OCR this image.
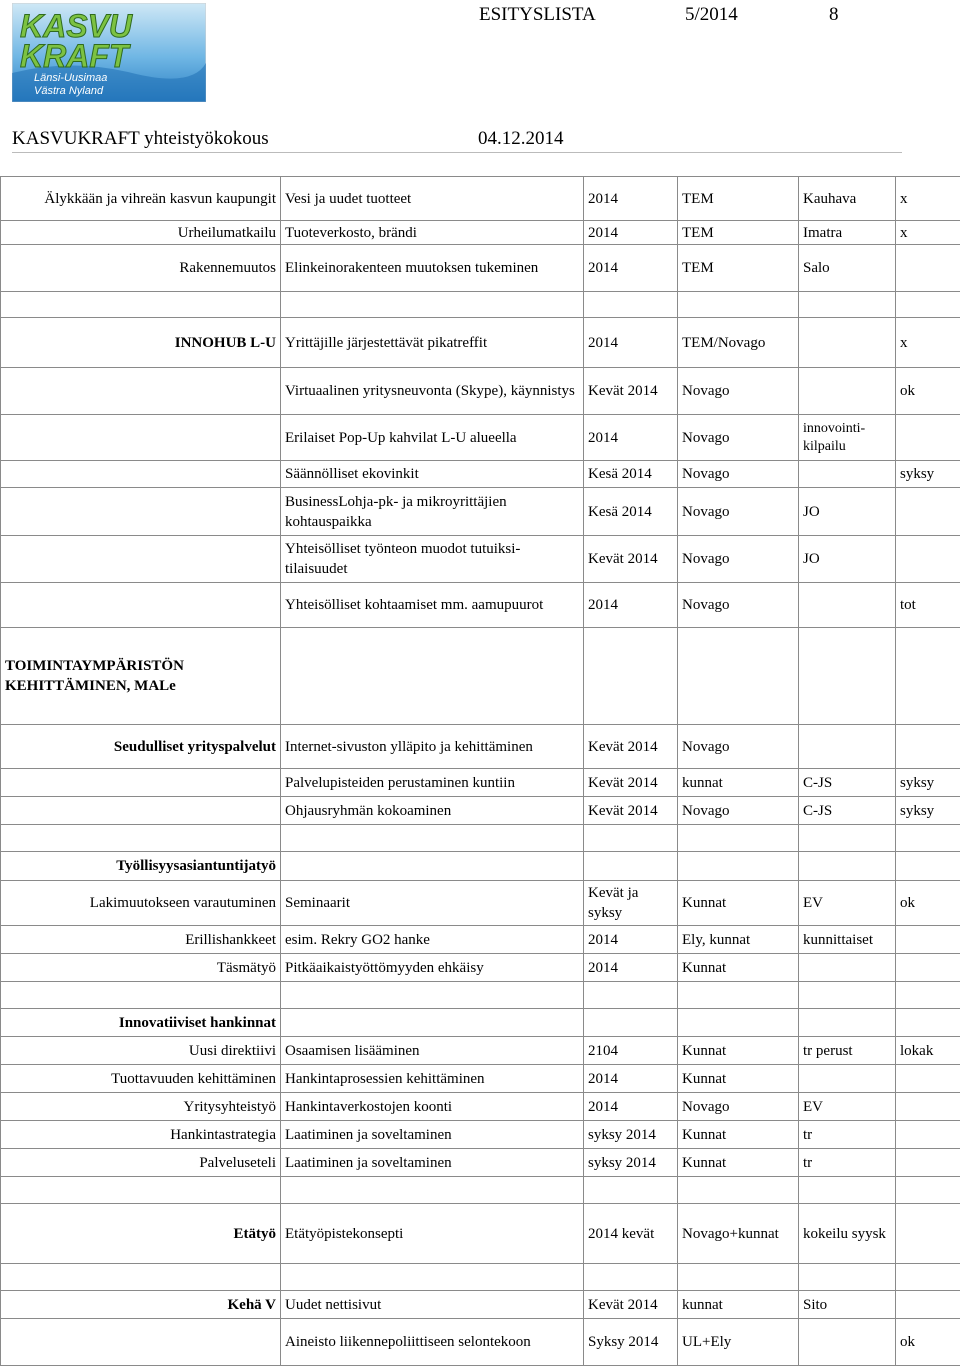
KASVU
KRAFT
Länsi-Uusimaa
Västra Nyland
ESITYSLISTA	5/2014	8
KASVUKRAFT yhteistyökokous	04.12.2014
Älykkään ja vihreän kasvun kaupungit	Vesi ja uudet tuotteet	2014	TEM	Kauhava	x
Urheilumatkailu	Tuoteverkosto, brändi	2014	TEM	Imatra	x
Rakennemuutos	Elinkeinorakenteen muutoksen tukeminen	2014	TEM	Salo	

INNOHUB L-U	Yrittäjille järjestettävät pikatreffit	2014	TEM/Novago		x
	Virtuaalinen yritysneuvonta (Skype), käynnistys	Kevät 2014	Novago		ok
	Erilaiset Pop-Up kahvilat L-U alueella	2014	Novago	innovointi-kilpailu	
	Säännölliset ekovinkit	Kesä 2014	Novago		syksy
	BusinessLohja-pk- ja mikroyrittäjien kohtauspaikka	Kesä 2014	Novago	JO	
	Yhteisölliset työnteon muodot tutuiksi-tilaisuudet	Kevät 2014	Novago	JO	
	Yhteisölliset kohtaamiset mm. aamupuurot	2014	Novago		tot
TOIMINTAYMPÄRISTÖN KEHITTÄMINEN, MALe					
Seudulliset yrityspalvelut	Internet-sivuston ylläpito ja kehittäminen	Kevät 2014	Novago		
	Palvelupisteiden perustaminen kuntiin	Kevät 2014	kunnat	C-JS	syksy
	Ohjausryhmän kokoaminen	Kevät 2014	Novago	C-JS	syksy

Työllisyysasiantuntijatyö					
Lakimuutokseen varautuminen	Seminaarit	Kevät ja syksy	Kunnat	EV	ok
Erillishankkeet	esim. Rekry GO2 hanke	2014	Ely, kunnat	kunnittaiset	
Täsmätyö	Pitkäaikaistyöttömyyden ehkäisy	2014	Kunnat		

Innovatiiviset hankinnat					
Uusi direktiivi	Osaamisen lisääminen	2104	Kunnat	tr perust	lokak
Tuottavuuden kehittäminen	Hankintaprosessien kehittäminen	2014	Kunnat		
Yritysyhteistyö	Hankintaverkostojen koonti	2014	Novago	EV	
Hankintastrategia	Laatiminen ja soveltaminen	syksy 2014	Kunnat	tr	
Palveluseteli	Laatiminen ja soveltaminen	syksy 2014	Kunnat	tr	

Etätyö	Etätyöpistekonsepti	2014 kevät	Novago+kunnat	kokeilu syysk	

Kehä V	Uudet nettisivut	Kevät 2014	kunnat	Sito	
	Aineisto liikennepoliittiseen selontekoon	Syksy 2014	UL+Ely		ok
